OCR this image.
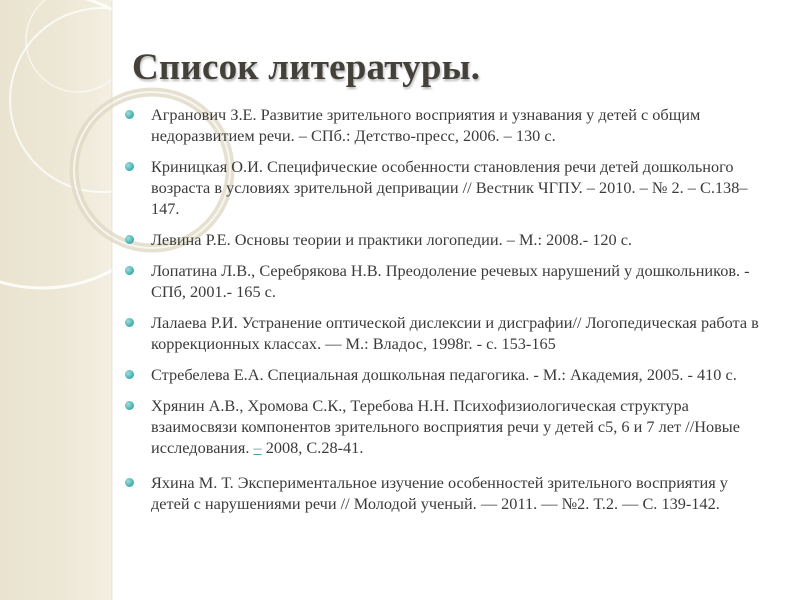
Список литературы.
Агранович З.Е. Развитие зрительного восприятия и узнавания у детей с общим недоразвитием речи. – СПб.: Детство-пресс, 2006. – 130 с.
Криницкая О.И. Специфические особенности становления речи детей дошкольного возраста в условиях зрительной депривации // Вестник ЧГПУ. – 2010. – № 2. – С.138–147.
Левина Р.Е. Основы теории и практики логопедии. – М.: 2008.- 120 с.
Лопатина Л.В., Серебрякова Н.В. Преодоление речевых нарушений у дошкольников. - СПб, 2001.- 165 с.
Лалаева Р.И. Устранение оптической дислексии и дисграфии// Логопедическая работа в коррекционных классах. — М.: Владос, 1998г. - с. 153-165
Стребелева Е.А. Специальная дошкольная педагогика. - М.: Академия, 2005. - 410 с.
Хрянин А.В., Хромова С.К., Теребова Н.Н. Психофизиологическая структура взаимосвязи компонентов зрительного восприятия речи у детей с5, 6 и 7 лет //Новые исследования. – 2008, С.28-41.
Яхина М. Т. Экспериментальное изучение особенностей зрительного восприятия у детей с нарушениями речи // Молодой ученый. — 2011. — №2. Т.2. — С. 139-142.
